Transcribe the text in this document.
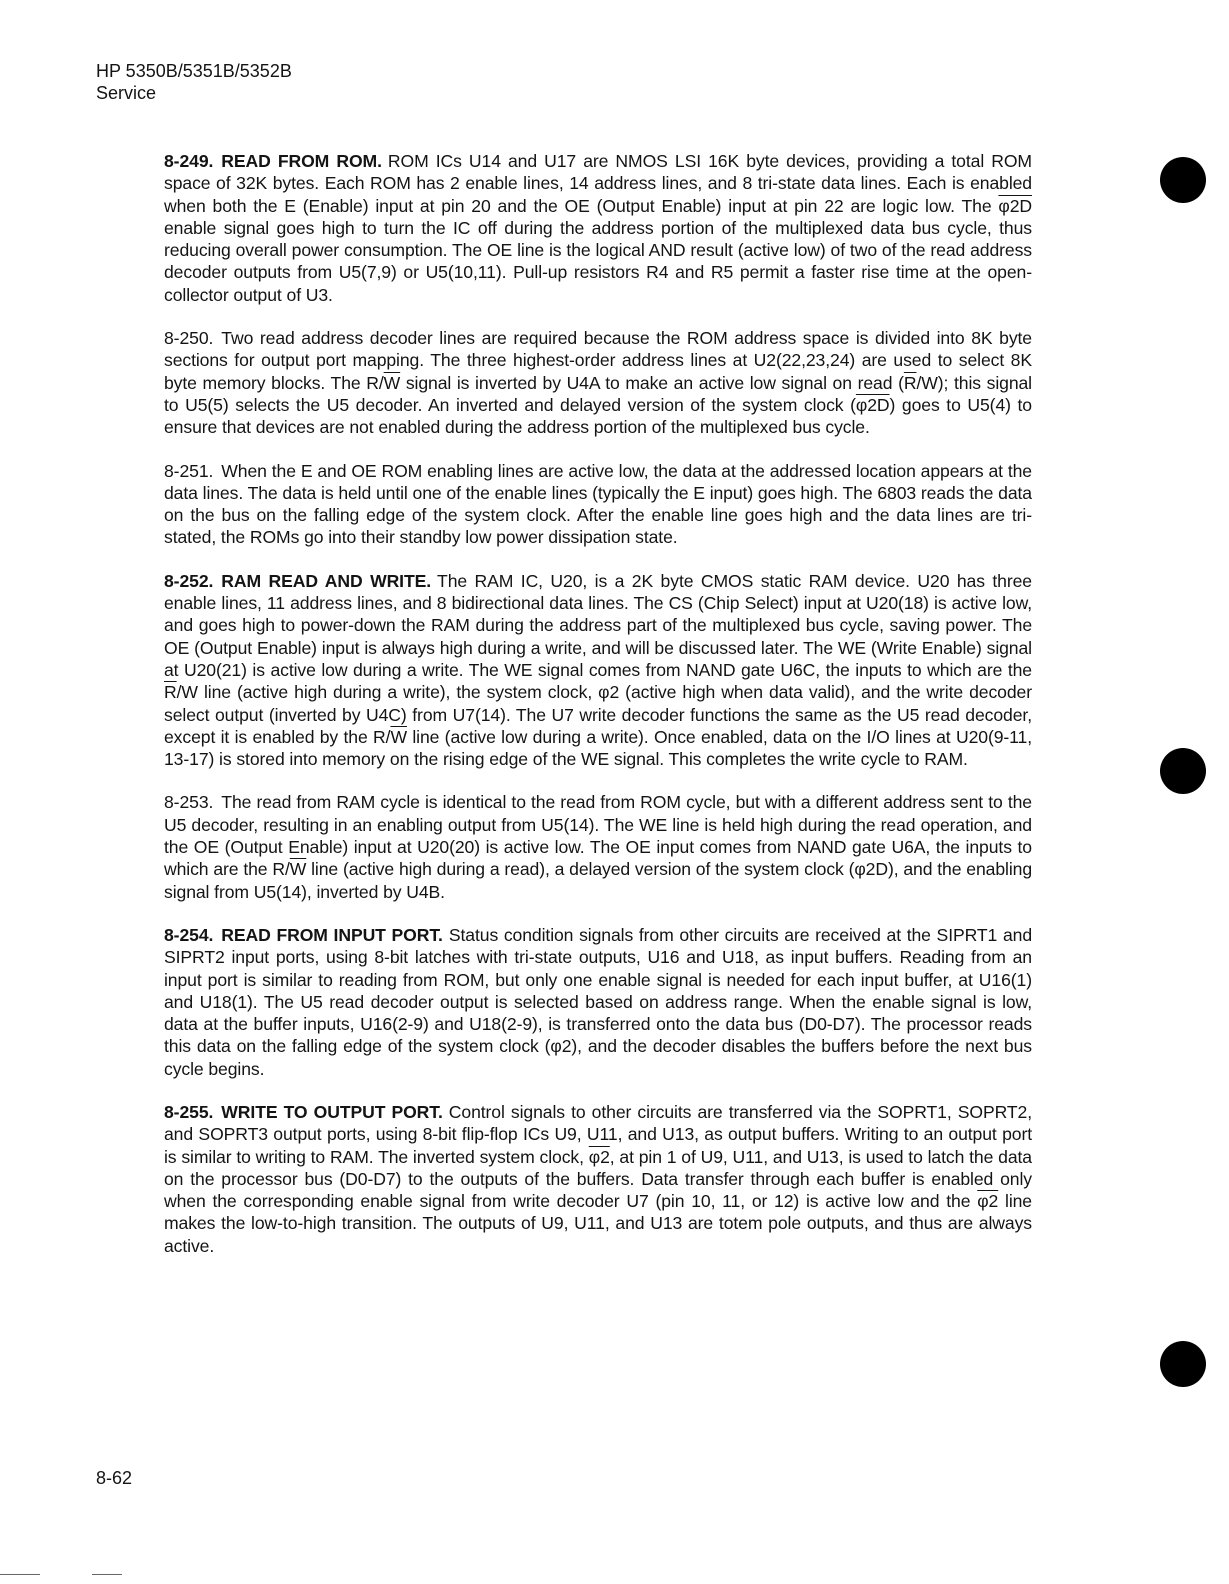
HP 5350B/5351B/5352B
Service

8-249. READ FROM ROM. ROM ICs U14 and U17 are NMOS LSI 16K byte devices, providing a total ROM space of 32K bytes. Each ROM has 2 enable lines, 14 address lines, and 8 tri-state data lines. Each is enabled when both the E (Enable) input at pin 20 and the OE (Output Enable) input at pin 22 are logic low. The φ2D enable signal goes high to turn the IC off during the address portion of the multiplexed data bus cycle, thus reducing overall power consumption. The OE line is the logical AND result (active low) of two of the read address decoder outputs from U5(7,9) or U5(10,11). Pull-up resistors R4 and R5 permit a faster rise time at the open-collector output of U3.

8-250. Two read address decoder lines are required because the ROM address space is divided into 8K byte sections for output port mapping. The three highest-order address lines at U2(22,23,24) are used to select 8K byte memory blocks. The $R/\overline{W}$ signal is inverted by U4A to make an active low signal on read $(\overline{R}/W)$; this signal to U5(5) selects the U5 decoder. An inverted and delayed version of the system clock (φ2D) goes to U5(4) to ensure that devices are not enabled during the address portion of the multiplexed bus cycle.

8-251. When the E and OE ROM enabling lines are active low, the data at the addressed location appears at the data lines. The data is held until one of the enable lines (typically the E input) goes high. The 6803 reads the data on the bus on the falling edge of the system clock. After the enable line goes high and the data lines are tri-stated, the ROMs go into their standby low power dissipation state.

8-252. RAM READ AND WRITE. The RAM IC, U20, is a 2K byte CMOS static RAM device. U20 has three enable lines, 11 address lines, and 8 bidirectional data lines. The CS (Chip Select) input at U20(18) is active low, and goes high to power-down the RAM during the address part of the multiplexed bus cycle, saving power. The OE (Output Enable) input is always high during a write, and will be discussed later. The WE (Write Enable) signal at U20(21) is active low during a write. The WE signal comes from NAND gate U6C, the inputs to which are the $\overline{R}/W$ line (active high during a write), the system clock, φ2 (active high when data valid), and the write decoder select output (inverted by U4C) from U7(14). The U7 write decoder functions the same as the U5 read decoder, except it is enabled by the $R/\overline{W}$ line (active low during a write). Once enabled, data on the I/O lines at U20(9-11, 13-17) is stored into memory on the rising edge of the WE signal. This completes the write cycle to RAM.

8-253. The read from RAM cycle is identical to the read from ROM cycle, but with a different address sent to the U5 decoder, resulting in an enabling output from U5(14). The WE line is held high during the read operation, and the OE (Output Enable) input at U20(20) is active low. The OE input comes from NAND gate U6A, the inputs to which are the $R/\overline{W}$ line (active high during a read), a delayed version of the system clock (φ2D), and the enabling signal from U5(14), inverted by U4B.

8-254. READ FROM INPUT PORT. Status condition signals from other circuits are received at the SIPRT1 and SIPRT2 input ports, using 8-bit latches with tri-state outputs, U16 and U18, as input buffers. Reading from an input port is similar to reading from ROM, but only one enable signal is needed for each input buffer, at U16(1) and U18(1). The U5 read decoder output is selected based on address range. When the enable signal is low, data at the buffer inputs, U16(2-9) and U18(2-9), is transferred onto the data bus (D0-D7). The processor reads this data on the falling edge of the system clock (φ2), and the decoder disables the buffers before the next bus cycle begins.

8-255. WRITE TO OUTPUT PORT. Control signals to other circuits are transferred via the SOPRT1, SOPRT2, and SOPRT3 output ports, using 8-bit flip-flop ICs U9, U11, and U13, as output buffers. Writing to an output port is similar to writing to RAM. The inverted system clock, φ2, at pin 1 of U9, U11, and U13, is used to latch the data on the processor bus (D0-D7) to the outputs of the buffers. Data transfer through each buffer is enabled only when the corresponding enable signal from write decoder U7 (pin 10, 11, or 12) is active low and the φ2 line makes the low-to-high transition. The outputs of U9, U11, and U13 are totem pole outputs, and thus are always active.

8-62
